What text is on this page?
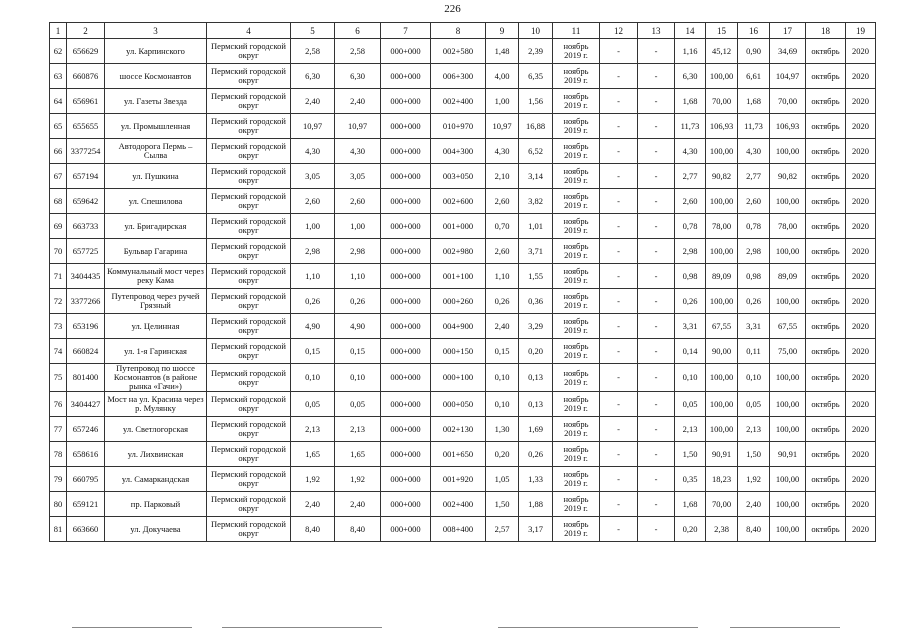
226
1	2	3	4	5	6	7	8	9	10	11	12	13	14	15	16	17	18	19
62	656629	ул. Карпинского	Пермский городской округ	2,58	2,58	000+000	002+580	1,48	2,39	ноябрь 2019 г.	-	-	1,16	45,12	0,90	34,69	октябрь	2020
63	660876	шоссе Космонавтов	Пермский городской округ	6,30	6,30	000+000	006+300	4,00	6,35	ноябрь 2019 г.	-	-	6,30	100,00	6,61	104,97	октябрь	2020
64	656961	ул. Газеты Звезда	Пермский городской округ	2,40	2,40	000+000	002+400	1,00	1,56	ноябрь 2019 г.	-	-	1,68	70,00	1,68	70,00	октябрь	2020
65	655655	ул. Промышленная	Пермский городской округ	10,97	10,97	000+000	010+970	10,97	16,88	ноябрь 2019 г.	-	-	11,73	106,93	11,73	106,93	октябрь	2020
66	3377254	Автодорога Пермь – Сылва	Пермский городской округ	4,30	4,30	000+000	004+300	4,30	6,52	ноябрь 2019 г.	-	-	4,30	100,00	4,30	100,00	октябрь	2020
67	657194	ул. Пушкина	Пермский городской округ	3,05	3,05	000+000	003+050	2,10	3,14	ноябрь 2019 г.	-	-	2,77	90,82	2,77	90,82	октябрь	2020
68	659642	ул. Спешилова	Пермский городской округ	2,60	2,60	000+000	002+600	2,60	3,82	ноябрь 2019 г.	-	-	2,60	100,00	2,60	100,00	октябрь	2020
69	663733	ул. Бригадирская	Пермский городской округ	1,00	1,00	000+000	001+000	0,70	1,01	ноябрь 2019 г.	-	-	0,78	78,00	0,78	78,00	октябрь	2020
70	657725	Бульвар Гагарина	Пермский городской округ	2,98	2,98	000+000	002+980	2,60	3,71	ноябрь 2019 г.	-	-	2,98	100,00	2,98	100,00	октябрь	2020
71	3404435	Коммунальный мост через реку Кама	Пермский городской округ	1,10	1,10	000+000	001+100	1,10	1,55	ноябрь 2019 г.	-	-	0,98	89,09	0,98	89,09	октябрь	2020
72	3377266	Путепровод через ручей Грязный	Пермский городской округ	0,26	0,26	000+000	000+260	0,26	0,36	ноябрь 2019 г.	-	-	0,26	100,00	0,26	100,00	октябрь	2020
73	653196	ул. Целинная	Пермский городской округ	4,90	4,90	000+000	004+900	2,40	3,29	ноябрь 2019 г.	-	-	3,31	67,55	3,31	67,55	октябрь	2020
74	660824	ул. 1-я Гаринская	Пермский городской округ	0,15	0,15	000+000	000+150	0,15	0,20	ноябрь 2019 г.	-	-	0,14	90,00	0,11	75,00	октябрь	2020
75	801400	Путепровод по шоссе Космонавтов (в районе рынка «Гачи»)	Пермский городской округ	0,10	0,10	000+000	000+100	0,10	0,13	ноябрь 2019 г.	-	-	0,10	100,00	0,10	100,00	октябрь	2020
76	3404427	Мост на ул. Красина через р. Мулянку	Пермский городской округ	0,05	0,05	000+000	000+050	0,10	0,13	ноябрь 2019 г.	-	-	0,05	100,00	0,05	100,00	октябрь	2020
77	657246	ул. Светлогорская	Пермский городской округ	2,13	2,13	000+000	002+130	1,30	1,69	ноябрь 2019 г.	-	-	2,13	100,00	2,13	100,00	октябрь	2020
78	658616	ул. Лихвинская	Пермский городской округ	1,65	1,65	000+000	001+650	0,20	0,26	ноябрь 2019 г.	-	-	1,50	90,91	1,50	90,91	октябрь	2020
79	660795	ул. Самаркандская	Пермский городской округ	1,92	1,92	000+000	001+920	1,05	1,33	ноябрь 2019 г.	-	-	0,35	18,23	1,92	100,00	октябрь	2020
80	659121	пр. Парковый	Пермский городской округ	2,40	2,40	000+000	002+400	1,50	1,88	ноябрь 2019 г.	-	-	1,68	70,00	2,40	100,00	октябрь	2020
81	663660	ул. Докучаева	Пермский городской округ	8,40	8,40	000+000	008+400	2,57	3,17	ноябрь 2019 г.	-	-	0,20	2,38	8,40	100,00	октябрь	2020
